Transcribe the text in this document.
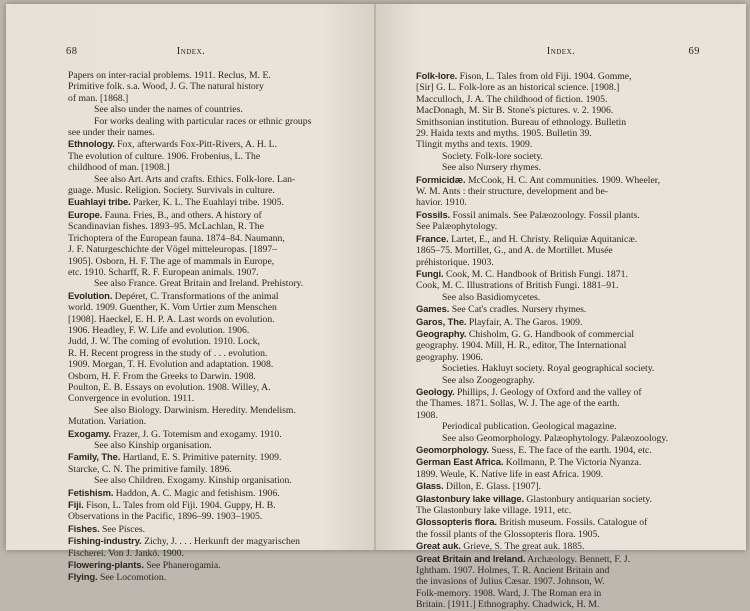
68	Index.
Papers on inter-racial problems. 1911. Reclus, M. E.
Primitive folk. s.a. Wood, J. G. The natural history
of man. [1868.]
See also under the names of countries.
For works dealing with particular races or ethnic groups
see under their names.
Ethnology. Fox, afterwards Fox-Pitt-Rivers, A. H. L.
The evolution of culture. 1906. Frobenius, L. The
childhood of man. [1908.]
See also Art. Arts and crafts. Ethics. Folk-lore. Lan-
guage. Music. Religion. Society. Survivals in culture.
Euahlayi tribe. Parker, K. L. The Euahlayi tribe. 1905.
Europe. Fauna. Fries, B., and others. A history of
Scandinavian fishes. 1893–95. McLachlan, R. The
Trichoptera of the European fauna. 1874–84. Naumann,
J. F. Naturgeschichte der Vögel mitteleuropas. [1897–
1905]. Osborn, H. F. The age of mammals in Europe,
etc. 1910. Scharff, R. F. European animals. 1907.
See also France. Great Britain and Ireland. Prehistory.
Evolution. Depéret, C. Transformations of the animal
world. 1909. Guenther, K. Vom Urtier zum Menschen
[1908]. Haeckel, E. H. P. A. Last words on evolution.
1906. Headley, F. W. Life and evolution. 1906.
Judd, J. W. The coming of evolution. 1910. Lock,
R. H. Recent progress in the study of . . . evolution.
1909. Morgan, T. H. Evolution and adaptation. 1908.
Osborn, H. F. From the Greeks to Darwin. 1908.
Poulton, E. B. Essays on evolution. 1908. Willey, A.
Convergence in evolution. 1911.
See also Biology. Darwinism. Heredity. Mendelism.
Mutation. Variation.
Exogamy. Frazer, J. G. Totemism and exogamy. 1910.
See also Kinship organisation.
Family, The. Hartland, E. S. Primitive paternity. 1909.
Starcke, C. N. The primitive family. 1896.
See also Children. Exogamy. Kinship organisation.
Fetishism. Haddon, A. C. Magic and fetishism. 1906.
Fiji. Fison, L. Tales from old Fiji. 1904. Guppy, H. B.
Observations in the Pacific, 1896–99. 1903–1905.
Fishes. See Pisces.
Fishing-industry. Zichy, J. . . . Herkunft der magyarischen
Fischerei. Von J. Jankó. 1900.
Flowering-plants. See Phanerogamia.
Flying. See Locomotion.
Index.	69
Folk-lore. Fison, L. Tales from old Fiji. 1904. Gomme,
[Sir] G. L. Folk-lore as an historical science. [1908.]
Macculloch, J. A. The childhood of fiction. 1905.
MacDonagh, M. Sir B. Stone's pictures. v. 2. 1906.
Smithsonian institution. Bureau of ethnology. Bulletin
29. Haida texts and myths. 1905. Bulletin 39.
Tlingit myths and texts. 1909.
Society. Folk-lore society.
See also Nursery rhymes.
Formicidæ. McCook, H. C. Ant communities. 1909. Wheeler,
W. M. Ants : their structure, development and be-
havior. 1910.
Fossils. Fossil animals. See Palæozoology. Fossil plants.
See Palæophytology.
France. Lartet, E., and H. Christy. Reliquiæ Aquitanicæ.
1865–75. Mortillet, G., and A. de Mortillet. Musée
préhistorique. 1903.
Fungi. Cook, M. C. Handbook of British Fungi. 1871.
Cook, M. C. Illustrations of British Fungi. 1881–91.
See also Basidiomycetes.
Games. See Cat's cradles. Nursery rhymes.
Garos, The. Playfair, A. The Garos. 1909.
Geography. Chisholm, G. G. Handbook of commercial
geography. 1904. Mill, H. R., editor, The International
geography. 1906.
Societies. Hakluyt society. Royal geographical society.
See also Zoogeography.
Geology. Phillips, J. Geology of Oxford and the valley of
the Thames. 1871. Sollas, W. J. The age of the earth.
1908.
Periodical publication. Geological magazine.
See also Geomorphology. Palæophytology. Palæozoology.
Geomorphology. Suess, E. The face of the earth. 1904, etc.
German East Africa. Kollmann, P. The Victoria Nyanza.
1899. Weule, K. Native life in east Africa. 1909.
Glass. Dillon, E. Glass. [1907].
Glastonbury lake village. Glastonbury antiquarian society.
The Glastonbury lake village. 1911, etc.
Glossopteris flora. British museum. Fossils. Catalogue of
the fossil plants of the Glossopteris flora. 1905.
Great auk. Grieve, S. The great auk. 1885.
Great Britain and Ireland. Archæology. Bennett, F. J.
Ightham. 1907. Holmes, T. R. Ancient Britain and
the invasions of Julius Cæsar. 1907. Johnson, W.
Folk-memory. 1908. Ward, J. The Roman era in
Britain. [1911.] Ethnography. Chadwick, H. M.
